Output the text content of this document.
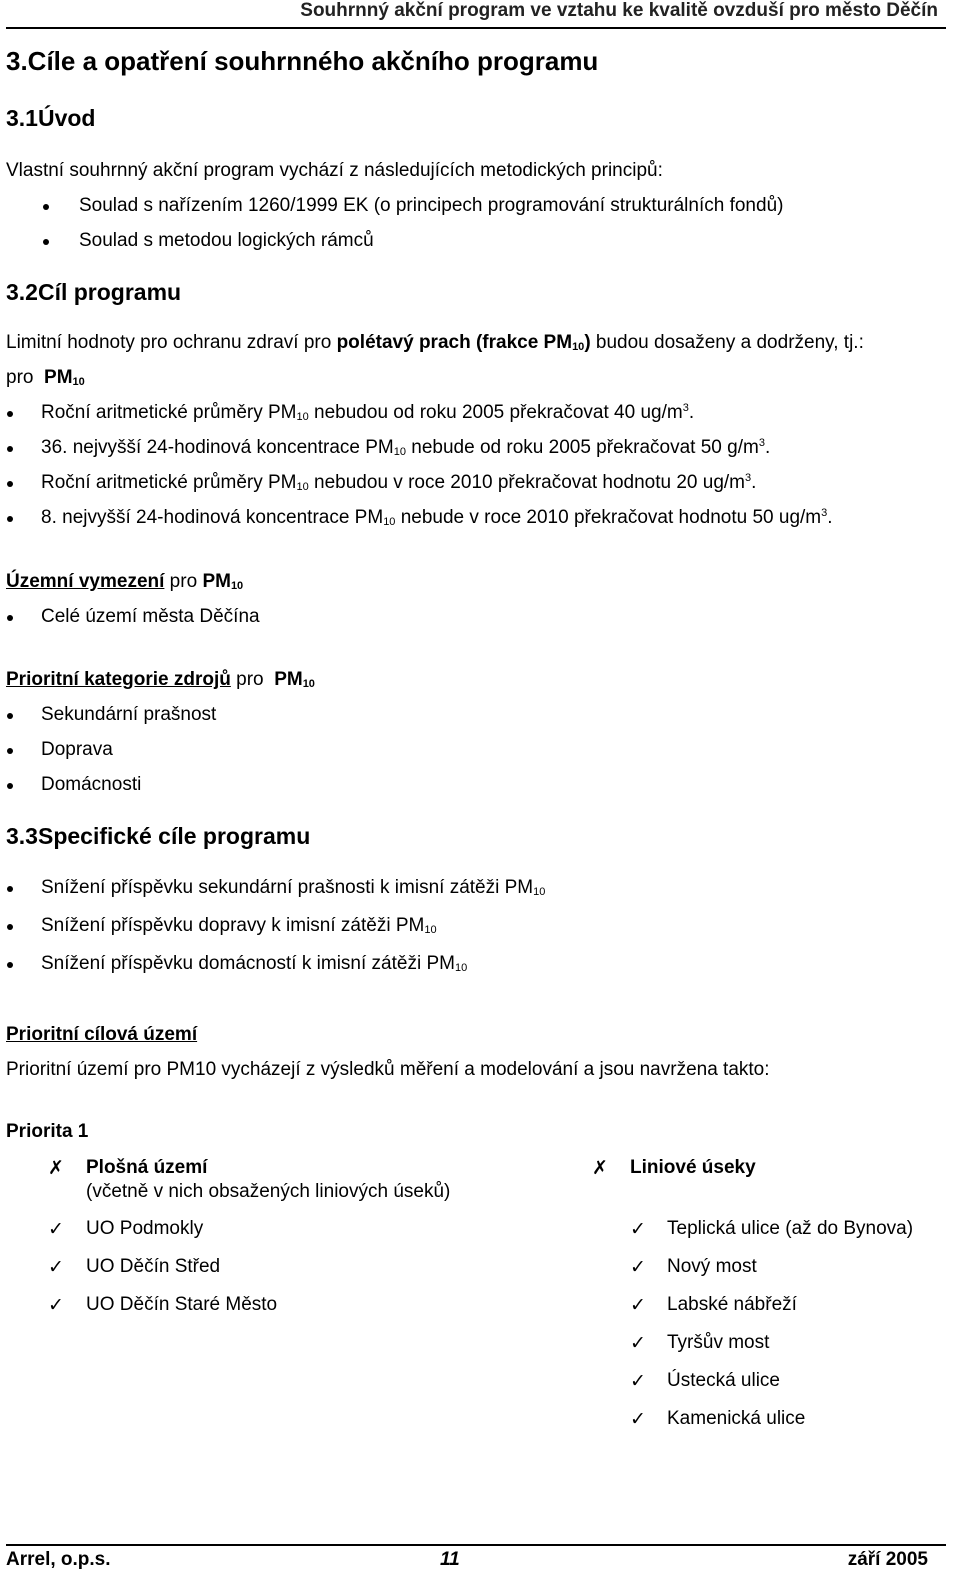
Souhrnný akční program ve vztahu ke kvalitě ovzduší pro město Děčín
3.Cíle a opatření souhrnného akčního programu
3.1Úvod
Vlastní souhrnný akční program vychází z následujících metodických principů:
Soulad s nařízením 1260/1999 EK (o principech programování strukturálních fondů)
Soulad s metodou logických rámců
3.2Cíl programu
Limitní hodnoty pro ochranu zdraví pro polétavý prach (frakce $PM_{10}$) budou dosaženy a dodrženy, tj.:
pro $PM_{10}$
Roční aritmetické průměry $PM_{10}$ nebudou od roku 2005 překračovat 40 $ug/m^3$.
36. nejvyšší 24-hodinová koncentrace $PM_{10}$ nebude od roku 2005 překračovat 50 $g/m^3$.
Roční aritmetické průměry $PM_{10}$ nebudou v roce 2010 překračovat hodnotu 20 $ug/m^3$.
8. nejvyšší 24-hodinová koncentrace $PM_{10}$ nebude v roce 2010 překračovat hodnotu 50 $ug/m^3$.
Územní vymezení pro $PM_{10}$
Celé území města Děčína
Prioritní kategorie zdrojů pro  $PM_{10}$
Sekundární prašnost
Doprava
Domácnosti
3.3Specifické cíle programu
Snížení příspěvku sekundární prašnosti k imisní zátěži $PM_{10}$
Snížení příspěvku dopravy k imisní zátěži $PM_{10}$
Snížení příspěvku domácností k imisní zátěži $PM_{10}$
Prioritní cílová území
Prioritní území pro PM10 vycházejí z výsledků měření a modelování a jsou navržena takto:
Priorita 1
✗ Plošná území
(včetně v nich obsažených liniových úseků)
✓ UO Podmokly
✓ UO Děčín Střed
✓ UO Děčín Staré Město
✗ Liniové úseky
✓ Teplická ulice (až do Bynova)
✓ Nový most
✓ Labské nábřeží
✓ Tyršův most
✓ Ústecká ulice
✓ Kamenická ulice
Arrel, o.p.s.	11	září 2005
